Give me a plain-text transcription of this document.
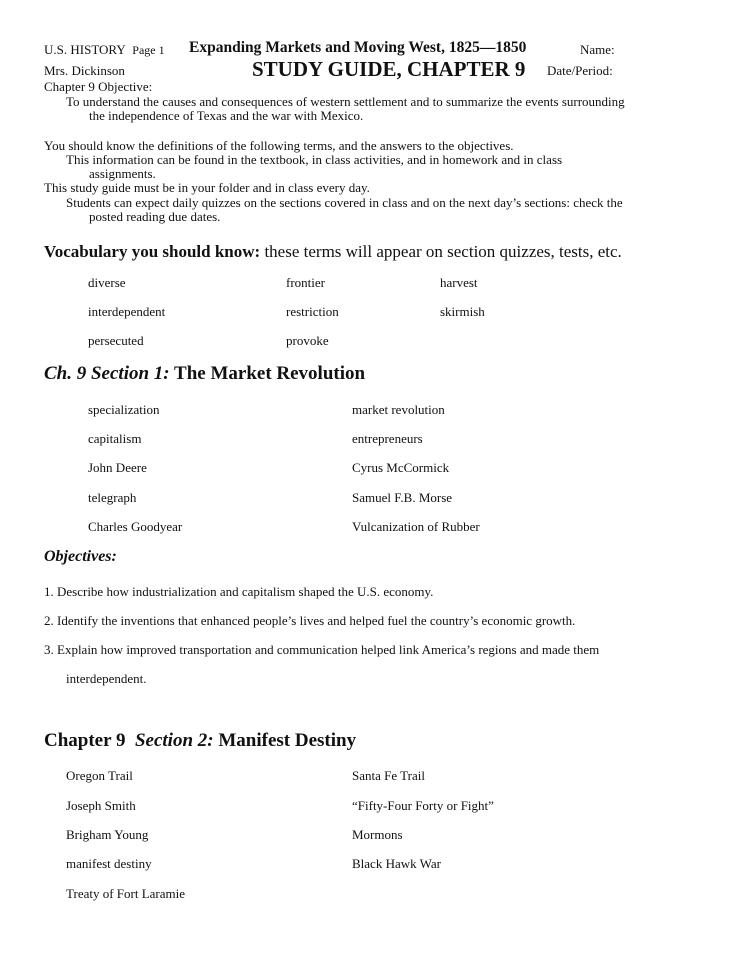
U.S. HISTORY Page 1 Expanding Markets and Moving West, 1825—1850	Name:
Mrs. Dickinson	STUDY GUIDE, CHAPTER 9 Date/Period:
Chapter 9 Objective:
To understand the causes and consequences of western settlement and to summarize the events surrounding
the independence of Texas and the war with Mexico.
You should know the definitions of the following terms, and the answers to the objectives.
This information can be found in the textbook, in class activities, and in homework and in class
assignments.
This study guide must be in your folder and in class every day.
Students can expect daily quizzes on the sections covered in class and on the next day’s sections: check the
posted reading due dates.
Vocabulary you should know: these terms will appear on section quizzes, tests, etc.
diverse	frontier	harvest
interdependent	restriction	skirmish
persecuted	provoke
Ch. 9 Section 1: The Market Revolution
specialization	market revolution
capitalism	entrepreneurs
John Deere	Cyrus McCormick
telegraph	Samuel F.B. Morse
Charles Goodyear	Vulcanization of Rubber
Objectives:
1. Describe how industrialization and capitalism shaped the U.S. economy.
2. Identify the inventions that enhanced people’s lives and helped fuel the country’s economic growth.
3. Explain how improved transportation and communication helped link America’s regions and made them
interdependent.
Chapter 9  Section 2: Manifest Destiny
Oregon Trail	Santa Fe Trail
Joseph Smith	“Fifty-Four Forty or Fight”
Brigham Young	Mormons
manifest destiny	Black Hawk War
Treaty of Fort Laramie
